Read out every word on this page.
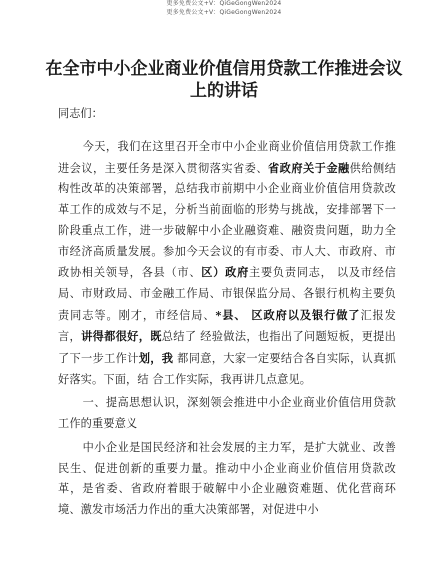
更多免费公文+V：QiGeGongWen2024
更多免费公文+V：QiGeGongWen2024
在全市中小企业商业价值信用贷款工作推进会议上的讲话

同志们：

今天，我们在这里召开全市中小企业商业价值信用贷款工作推进会议，主要任务是深入贯彻落实省委、省政府关于金融供给侧结构性改革的决策部署，总结我市前期中小企业商业价值信用贷款改革工作的成效与不足，分析当前面临的形势与挑战，安排部署下一阶段重点工作，进一步破解中小企业融资难、融资贵问题，助力全市经济高质量发展。参加今天会议的有市委、市人大、市政府、市政协相关领导，各县（市、区）政府主要负责同志， 以及市经信局、市财政局、市金融工作局、市银保监分局、各银行机构主要负责同志等。刚才，市经信局、*县、 区政府以及银行做了汇报发言，讲得都很好，既总结了 经验做法，也指出了问题短板，更提出了下一步工作计划，我 都同意，大家一定要结合各自实际，认真抓好落实。下面，结 合工作实际，我再讲几点意见。

一、提高思想认识，深刻领会推进中小企业商业价值信用贷款工作的重要意义

中小企业是国民经济和社会发展的主力军，是扩大就业、改善民生、促进创新的重要力量。推动中小企业商业价值信用贷款改革，是省委、省政府着眼于破解中小企业融资难题、优化营商环境、激发市场活力作出的重大决策部署，对促进中小
